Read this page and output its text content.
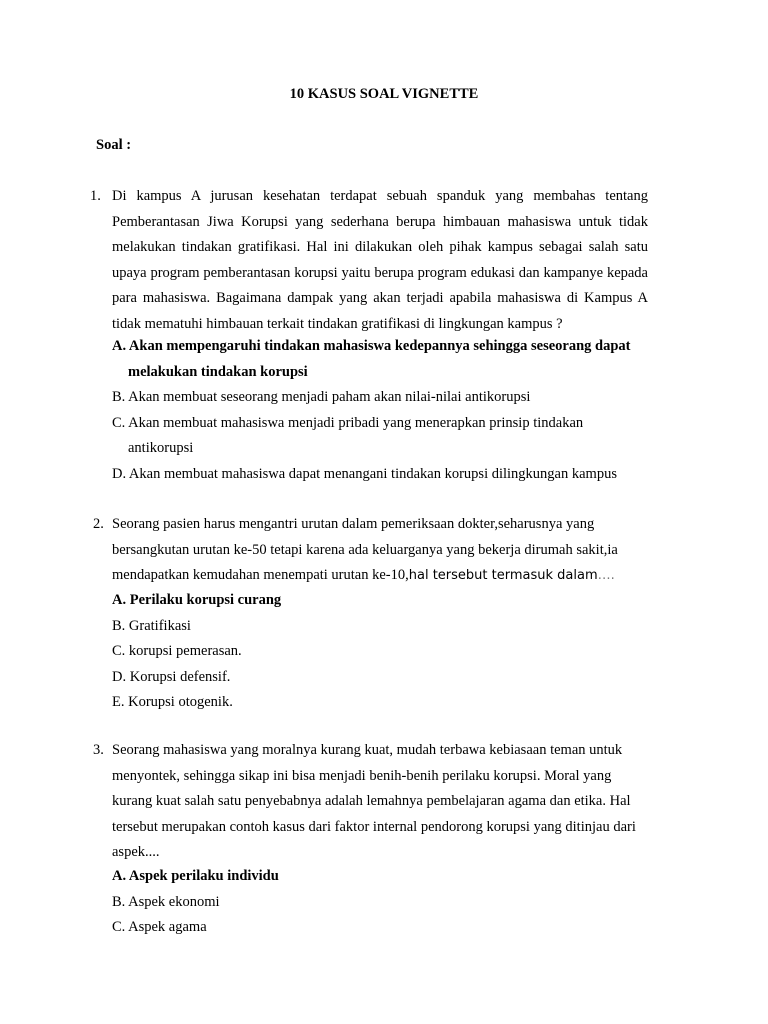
10 KASUS SOAL VIGNETTE
Soal :
1. Di kampus A jurusan kesehatan terdapat sebuah spanduk yang membahas tentang Pemberantasan Jiwa Korupsi yang sederhana berupa himbauan mahasiswa untuk tidak melakukan tindakan gratifikasi. Hal ini dilakukan oleh pihak kampus sebagai salah satu upaya program pemberantasan korupsi yaitu berupa program edukasi dan kampanye kepada para mahasiswa. Bagaimana dampak yang akan terjadi apabila mahasiswa di Kampus A tidak mematuhi himbauan terkait tindakan gratifikasi di lingkungan kampus ?
A. Akan mempengaruhi tindakan mahasiswa kedepannya sehingga seseorang dapat
melakukan tindakan korupsi
B. Akan membuat seseorang menjadi paham akan nilai-nilai antikorupsi
C. Akan membuat mahasiswa menjadi pribadi yang menerapkan prinsip tindakan
antikorupsi
D. Akan membuat mahasiswa dapat menangani tindakan korupsi dilingkungan kampus
2. Seorang pasien harus mengantri urutan dalam pemeriksaan dokter,seharusnya yang bersangkutan urutan ke-50 tetapi karena ada keluarganya yang bekerja dirumah sakit,ia mendapatkan kemudahan menempati urutan ke-10,hal tersebut termasuk dalam….
A. Perilaku korupsi curang
B. Gratifikasi
C. korupsi pemerasan.
D. Korupsi defensif.
E. Korupsi otogenik.
3. Seorang mahasiswa yang moralnya kurang kuat, mudah terbawa kebiasaan teman untuk menyontek, sehingga sikap ini bisa menjadi benih-benih perilaku korupsi. Moral yang kurang kuat salah satu penyebabnya adalah lemahnya pembelajaran agama dan etika. Hal tersebut merupakan contoh kasus dari faktor internal pendorong korupsi yang ditinjau dari aspek....
A. Aspek perilaku individu
B. Aspek ekonomi
C. Aspek agama
